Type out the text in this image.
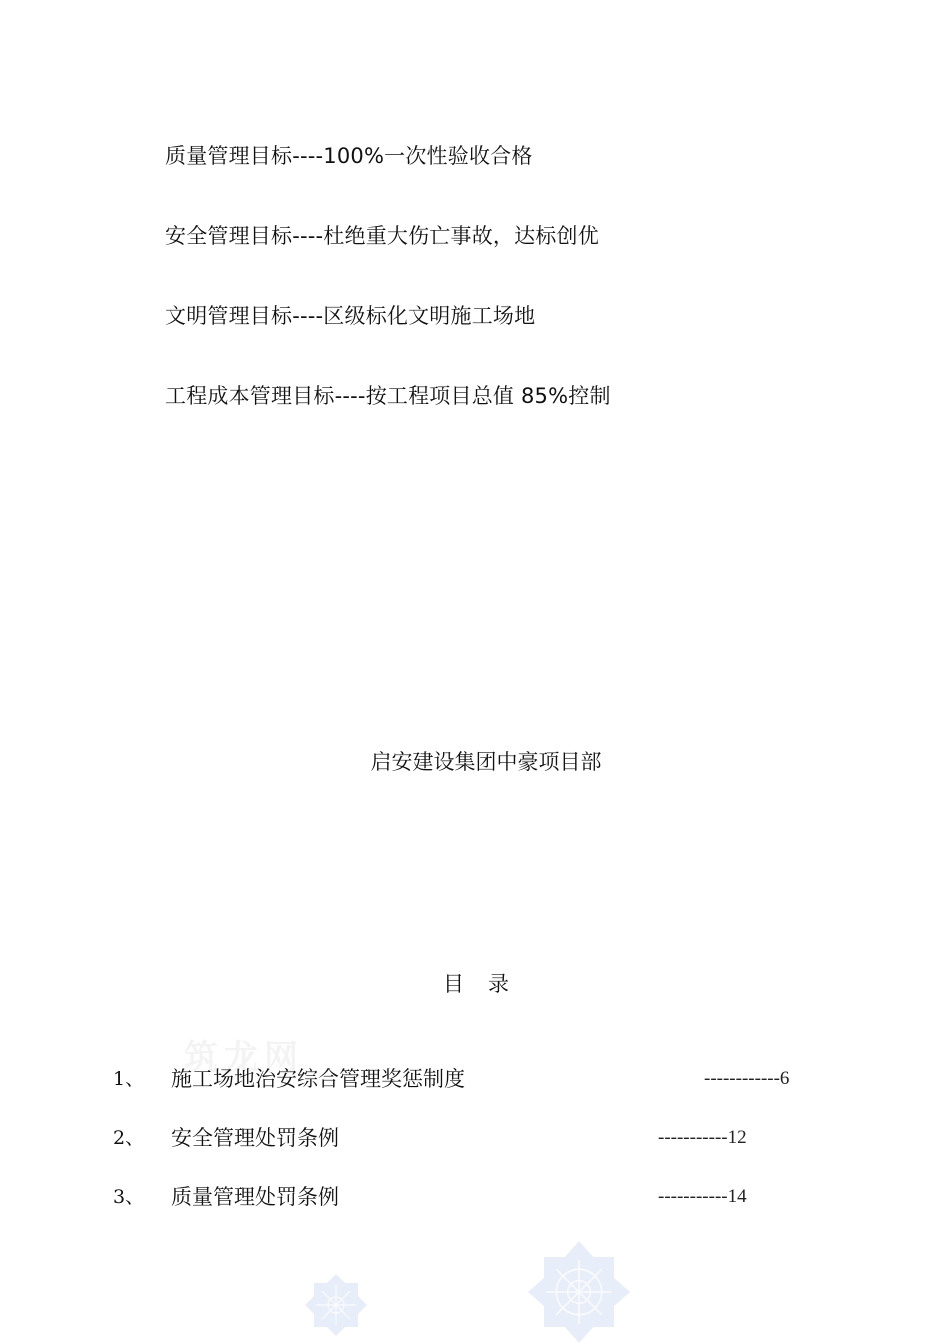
筑龙网
质量管理目标----100%一次性验收合格
安全管理目标----杜绝重大伤亡事故，达标创优
文明管理目标----区级标化文明施工场地
工程成本管理目标----按工程项目总值 85%控制
启安建设集团中豪项目部
目录
1、 施工场地治安综合管理奖惩制度	------------6
2、 安全管理处罚条例	-----------12
3、 质量管理处罚条例	-----------14
